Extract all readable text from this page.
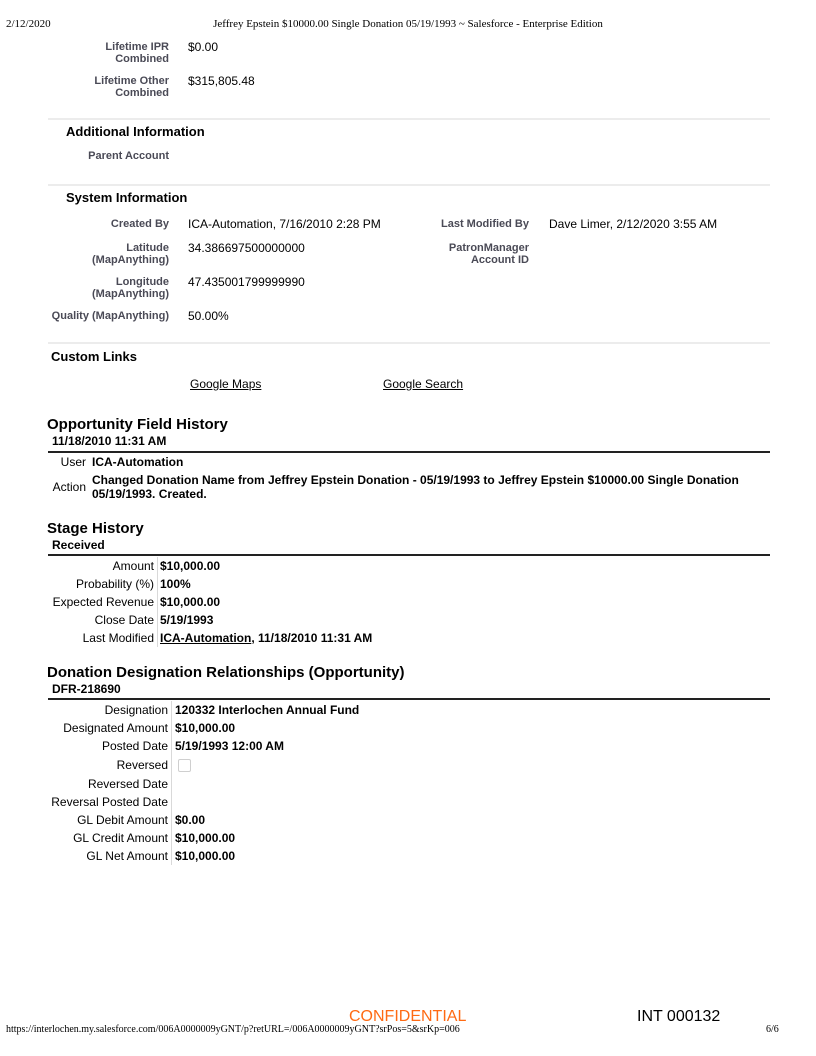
2/12/2020	Jeffrey Epstein $10000.00 Single Donation 05/19/1993 ~ Salesforce - Enterprise Edition
Lifetime IPR
Combined
$0.00
Lifetime Other
Combined
$315,805.48
Additional Information
Parent Account
System Information
Created By ICA-Automation, 7/16/2010 2:28 PM	Last Modified By Dave Limer, 2/12/2020 3:55 AM
Latitude
(MapAnything)
34.386697500000000	PatronManager
Account ID
Longitude
(MapAnything)
47.435001799999990
Quality (MapAnything) 50.00%
Custom Links
Google Maps	Google Search
Opportunity Field History
11/18/2010 11:31 AM
User ICA-Automation
Action Changed Donation Name from Jeffrey Epstein Donation - 05/19/1993 to Jeffrey Epstein $10000.00 Single Donation
05/19/1993. Created.
Stage History
Received
Amount $10,000.00
Probability (%) 100%
Expected Revenue $10,000.00
Close Date 5/19/1993
Last Modified ICA-Automation, 11/18/2010 11:31 AM
Donation Designation Relationships (Opportunity)
DFR-218690
Designation 120332 Interlochen Annual Fund
Designated Amount $10,000.00
Posted Date 5/19/1993 12:00 AM
Reversed
Reversed Date
Reversal Posted Date
GL Debit Amount $0.00
GL Credit Amount $10,000.00
GL Net Amount $10,000.00
CONFIDENTIAL	INT 000132
https://interlochen.my.salesforce.com/006A0000009yGNT/p?retURL=/006A0000009yGNT?srPos=5&srKp=006	6/6
